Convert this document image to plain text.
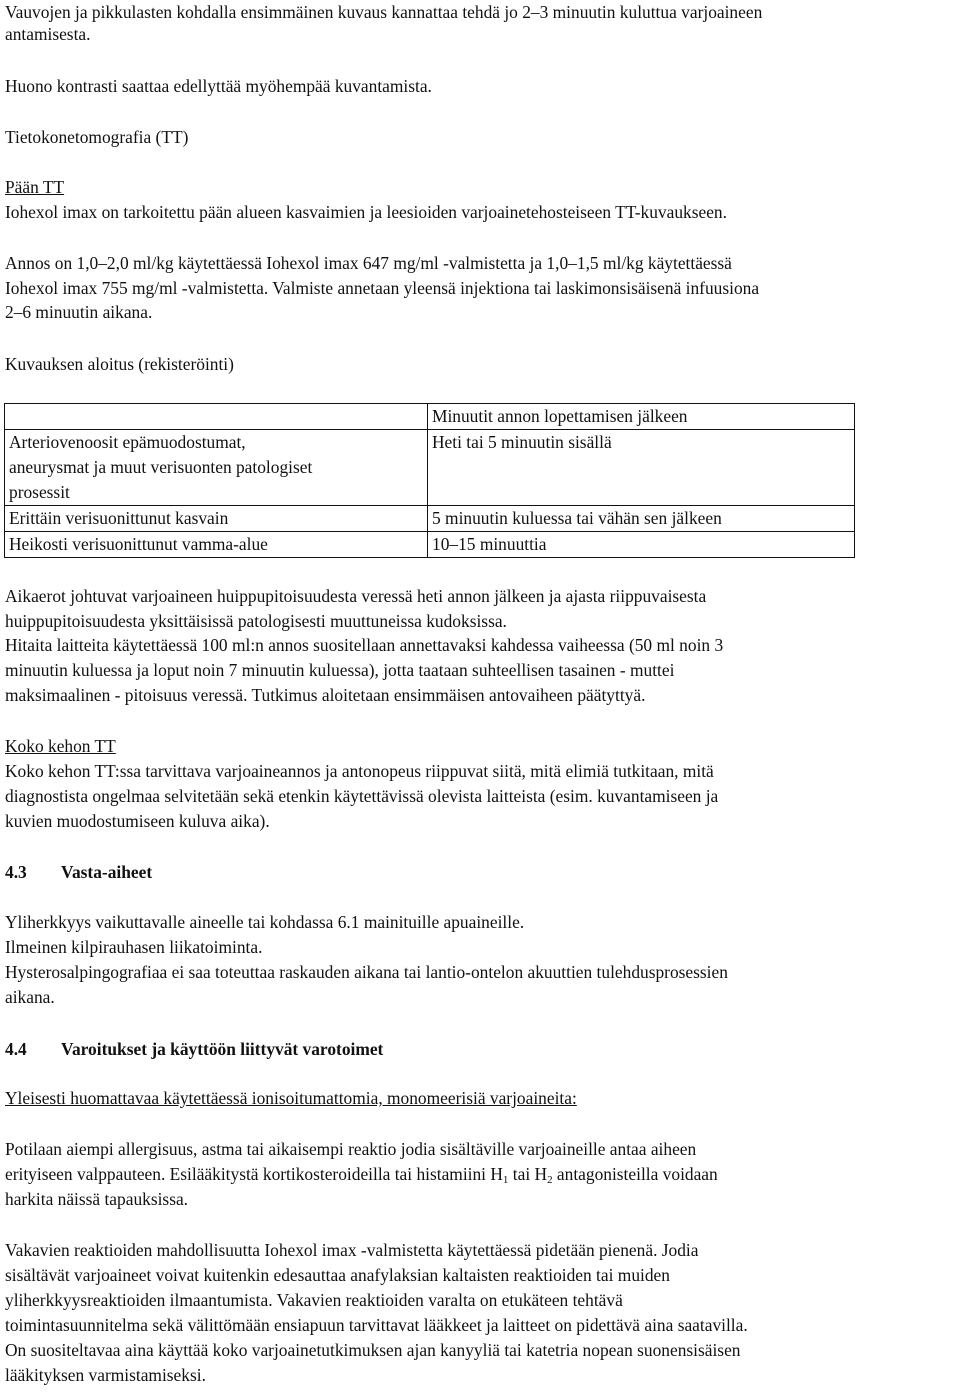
Vauvojen ja pikkulasten kohdalla ensimmäinen kuvaus kannattaa tehdä jo 2–3 minuutin kuluttua varjoaineen
antamisesta.
Huono kontrasti saattaa edellyttää myöhempää kuvantamista.
Tietokonetomografia (TT)
Pään TT
Iohexol imax on tarkoitettu pään alueen kasvaimien ja leesioiden varjoainetehosteiseen TT-kuvaukseen.
Annos on 1,0–2,0 ml/kg käytettäessä Iohexol imax 647 mg/ml -valmistetta ja 1,0–1,5 ml/kg käytettäessä
Iohexol imax 755 mg/ml -valmistetta. Valmiste annetaan yleensä injektiona tai laskimonsisäisenä infuusiona
2–6 minuutin aikana.
Kuvauksen aloitus (rekisteröinti)
	Minuutit annon lopettamisen jälkeen

Arteriovenoosit epämuodostumat,
aneurysmat ja muut verisuonten patologiset
prosessit	Heti tai 5 minuutin sisällä
Erittäin verisuonittunut kasvain	5 minuutin kuluessa tai vähän sen jälkeen
Heikosti verisuonittunut vamma-alue	10–15 minuuttia
Aikaerot johtuvat varjoaineen huippupitoisuudesta veressä heti annon jälkeen ja ajasta riippuvaisesta
huippupitoisuudesta yksittäisissä patologisesti muuttuneissa kudoksissa.
Hitaita laitteita käytettäessä 100 ml:n annos suositellaan annettavaksi kahdessa vaiheessa (50 ml noin 3
minuutin kuluessa ja loput noin 7 minuutin kuluessa), jotta taataan suhteellisen tasainen - muttei
maksimaalinen - pitoisuus veressä. Tutkimus aloitetaan ensimmäisen antovaiheen päätyttyä.
Koko kehon TT
Koko kehon TT:ssa tarvittava varjoaineannos ja antonopeus riippuvat siitä, mitä elimiä tutkitaan, mitä
diagnostista ongelmaa selvitetään sekä etenkin käytettävissä olevista laitteista (esim. kuvantamiseen ja
kuvien muodostumiseen kuluva aika).
4.3 Vasta-aiheet
Yliherkkyys vaikuttavalle aineelle tai kohdassa 6.1 mainituille apuaineille.
Ilmeinen kilpirauhasen liikatoiminta.
Hysterosalpingografiaa ei saa toteuttaa raskauden aikana tai lantio-ontelon akuuttien tulehdusprosessien
aikana.
4.4 Varoitukset ja käyttöön liittyvät varotoimet
Yleisesti huomattavaa käytettäessä ionisoitumattomia, monomeerisiä varjoaineita:
Potilaan aiempi allergisuus, astma tai aikaisempi reaktio jodia sisältäville varjoaineille antaa aiheen
erityiseen valppauteen. Esilääkitystä kortikosteroideilla tai histamiini $H_1$ tai $H_2$ antagonisteilla voidaan
harkita näissä tapauksissa.
Vakavien reaktioiden mahdollisuutta Iohexol imax -valmistetta käytettäessä pidetään pienenä. Jodia
sisältävät varjoaineet voivat kuitenkin edesauttaa anafylaksian kaltaisten reaktioiden tai muiden
yliherkkyysreaktioiden ilmaantumista. Vakavien reaktioiden varalta on etukäteen tehtävä
toimintasuunnitelma sekä välittömään ensiapuun tarvittavat lääkkeet ja laitteet on pidettävä aina saatavilla.
On suositeltavaa aina käyttää koko varjoainetutkimuksen ajan kanyyliä tai katetria nopean suonensisäisen
lääkityksen varmistamiseksi.
